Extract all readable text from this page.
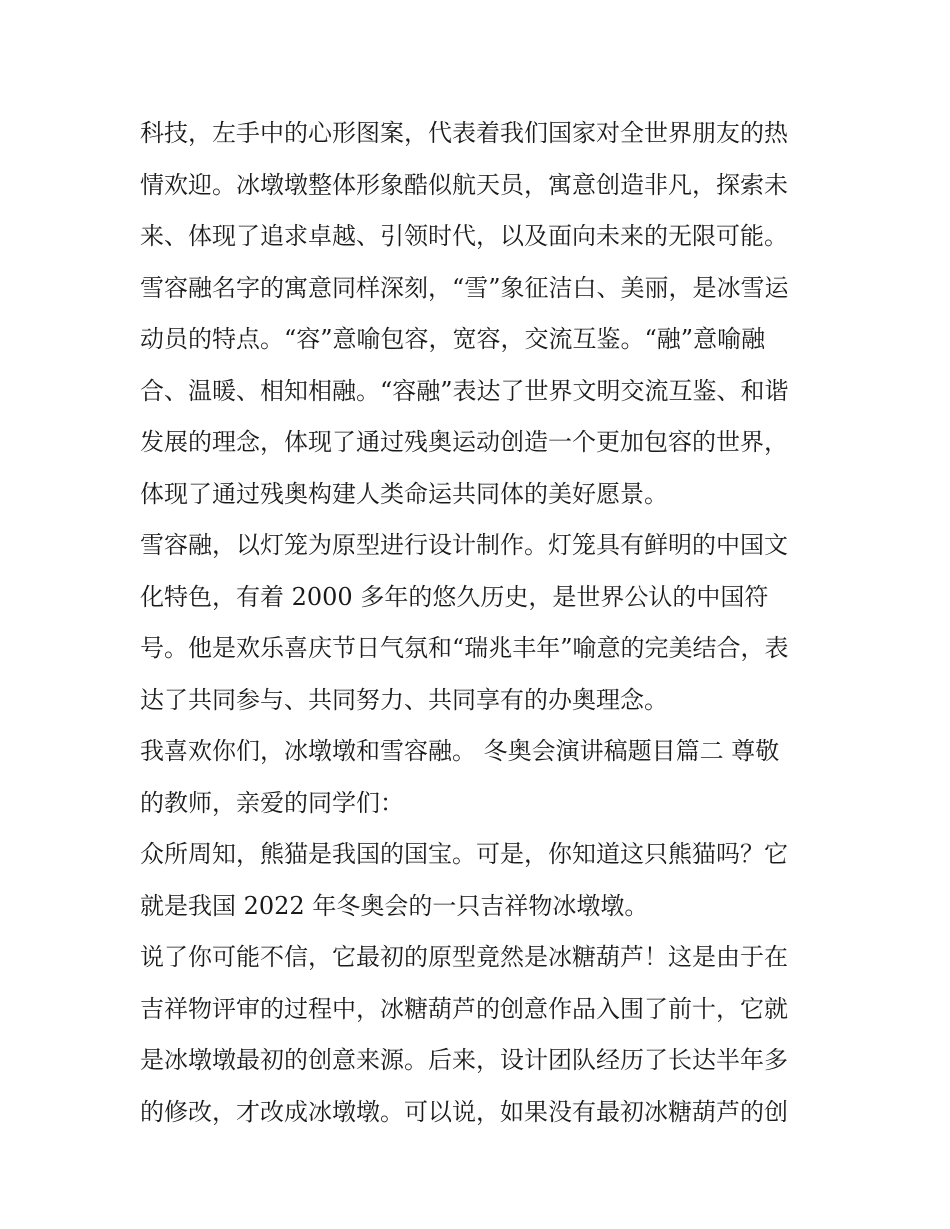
科技，左手中的心形图案，代表着我们国家对全世界朋友的热
情欢迎。冰墩墩整体形象酷似航天员，寓意创造非凡，探索未
来、体现了追求卓越、引领时代，以及面向未来的无限可能。
雪容融名字的寓意同样深刻，“雪”象征洁白、美丽，是冰雪运
动员的特点。“容”意喻包容，宽容，交流互鉴。“融”意喻融
合、温暖、相知相融。“容融”表达了世界文明交流互鉴、和谐
发展的理念，体现了通过残奥运动创造一个更加包容的世界，
体现了通过残奥构建人类命运共同体的美好愿景。
雪容融，以灯笼为原型进行设计制作。灯笼具有鲜明的中国文
化特色，有着 2000 多年的悠久历史，是世界公认的中国符
号。他是欢乐喜庆节日气氛和“瑞兆丰年”喻意的完美结合，表
达了共同参与、共同努力、共同享有的办奥理念。
我喜欢你们，冰墩墩和雪容融。 冬奥会演讲稿题目篇二 尊敬
的教师，亲爱的同学们：
众所周知，熊猫是我国的国宝。可是，你知道这只熊猫吗？它
就是我国 2022 年冬奥会的一只吉祥物冰墩墩。
说了你可能不信，它最初的原型竟然是冰糖葫芦！这是由于在
吉祥物评审的过程中，冰糖葫芦的创意作品入围了前十，它就
是冰墩墩最初的创意来源。后来，设计团队经历了长达半年多
的修改，才改成冰墩墩。可以说，如果没有最初冰糖葫芦的创
